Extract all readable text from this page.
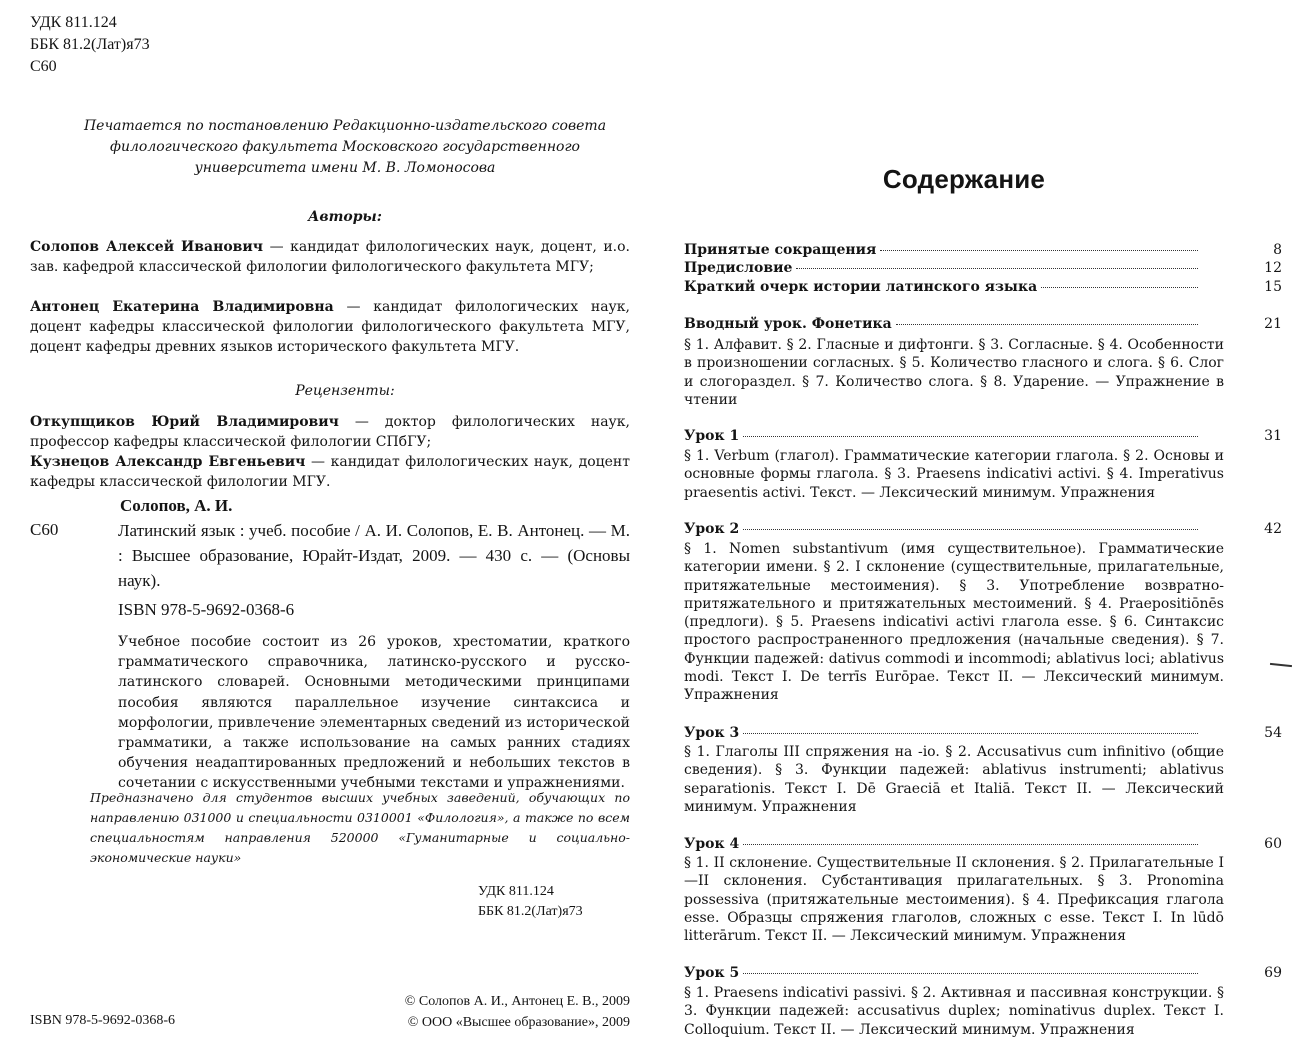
УДК 811.124
ББК 81.2(Лат)я73
С60
Печатается по постановлению Редакционно-издательского совета
филологического факультета Московского государственного
университета имени М. В. Ломоносова
Авторы:
Солопов Алексей Иванович — кандидат филологических наук, доцент, и.о. зав. кафедрой классической филологии филологического факультета МГУ;
Антонец Екатерина Владимировна — кандидат филологических наук, доцент кафедры классической филологии филологического факультета МГУ, доцент кафедры древних языков исторического факультета МГУ.
Рецензенты:
Откупщиков Юрий Владимирович — доктор филологических наук, профессор кафедры классической филологии СПбГУ;
Кузнецов Александр Евгеньевич — кандидат филологических наук, доцент кафедры классической филологии МГУ.
Солопов, А. И.
С60	Латинский язык : учеб. пособие / А. И. Солопов, Е. В. Антонец. — М. : Высшее образование, Юрайт-Издат, 2009. — 430 с. — (Основы наук).
ISBN 978-5-9692-0368-6
Учебное пособие состоит из 26 уроков, хрестоматии, краткого грамматического справочника, латинско-русского и русско-латинского словарей. Основными методическими принципами пособия являются параллельное изучение синтаксиса и морфологии, привлечение элементарных сведений из исторической грамматики, а также использование на самых ранних стадиях обучения неадаптированных предложений и небольших текстов в сочетании с искусственными учебными текстами и упражнениями.
Предназначено для студентов высших учебных заведений, обучающих по направлению 031000 и специальности 0310001 «Филология», а также по всем специальностям направления 520000 «Гуманитарные и социально-экономические науки»
УДК 811.124
ББК 81.2(Лат)я73
ISBN 978-5-9692-0368-6
© Солопов А. И., Антонец Е. В., 2009
© ООО «Высшее образование», 2009
Содержание
Принятые сокращения	8
Предисловие	12
Краткий очерк истории латинского языка	15
Вводный урок. Фонетика	21
§ 1. Алфавит. § 2. Гласные и дифтонги. § 3. Согласные. § 4. Особенности в произношении согласных. § 5. Количество гласного и слога. § 6. Слог и слогораздел. § 7. Количество слога. § 8. Ударение. — Упражнение в чтении
Урок 1	31
§ 1. Verbum (глагол). Грамматические категории глагола. § 2. Основы и основные формы глагола. § 3. Praesens indicativi activi. § 4. Imperativus praesentis activi. Текст. — Лексический минимум. Упражнения
Урок 2	42
§ 1. Nomen substantivum (имя существительное). Грамматические категории имени. § 2. I склонение (существительные, прилагательные, притяжательные местоимения). § 3. Употребление возвратно-притяжательного и притяжательных местоимений. § 4. Praepositiōnēs (предлоги). § 5. Praesens indicativi activi глагола esse. § 6. Синтаксис простого распространенного предложения (начальные сведения). § 7. Функции падежей: dativus commodi и incommodi; ablativus loci; ablativus modi. Текст I. De terrīs Eurōpae. Текст II. — Лексический минимум. Упражнения
Урок 3	54
§ 1. Глаголы III спряжения на -io. § 2. Accusativus cum infinitivo (общие сведения). § 3. Функции падежей: ablativus instrumenti; ablativus separationis. Текст I. Dē Graeciā et Italiā. Текст II. — Лексический минимум. Упражнения
Урок 4	60
§ 1. II склонение. Существительные II склонения. § 2. Прилагательные I—II склонения. Субстантивация прилагательных. § 3. Pronomina possessiva (притяжательные местоимения). § 4. Префиксация глагола esse. Образцы спряжения глаголов, сложных с esse. Текст I. In lūdō litterārum. Текст II. — Лексический минимум. Упражнения
Урок 5	69
§ 1. Praesens indicativi passivi. § 2. Активная и пассивная конструкции. § 3. Функции падежей: accusativus duplex; nominativus duplex. Текст I. Colloquium. Текст II. — Лексический минимум. Упражнения
